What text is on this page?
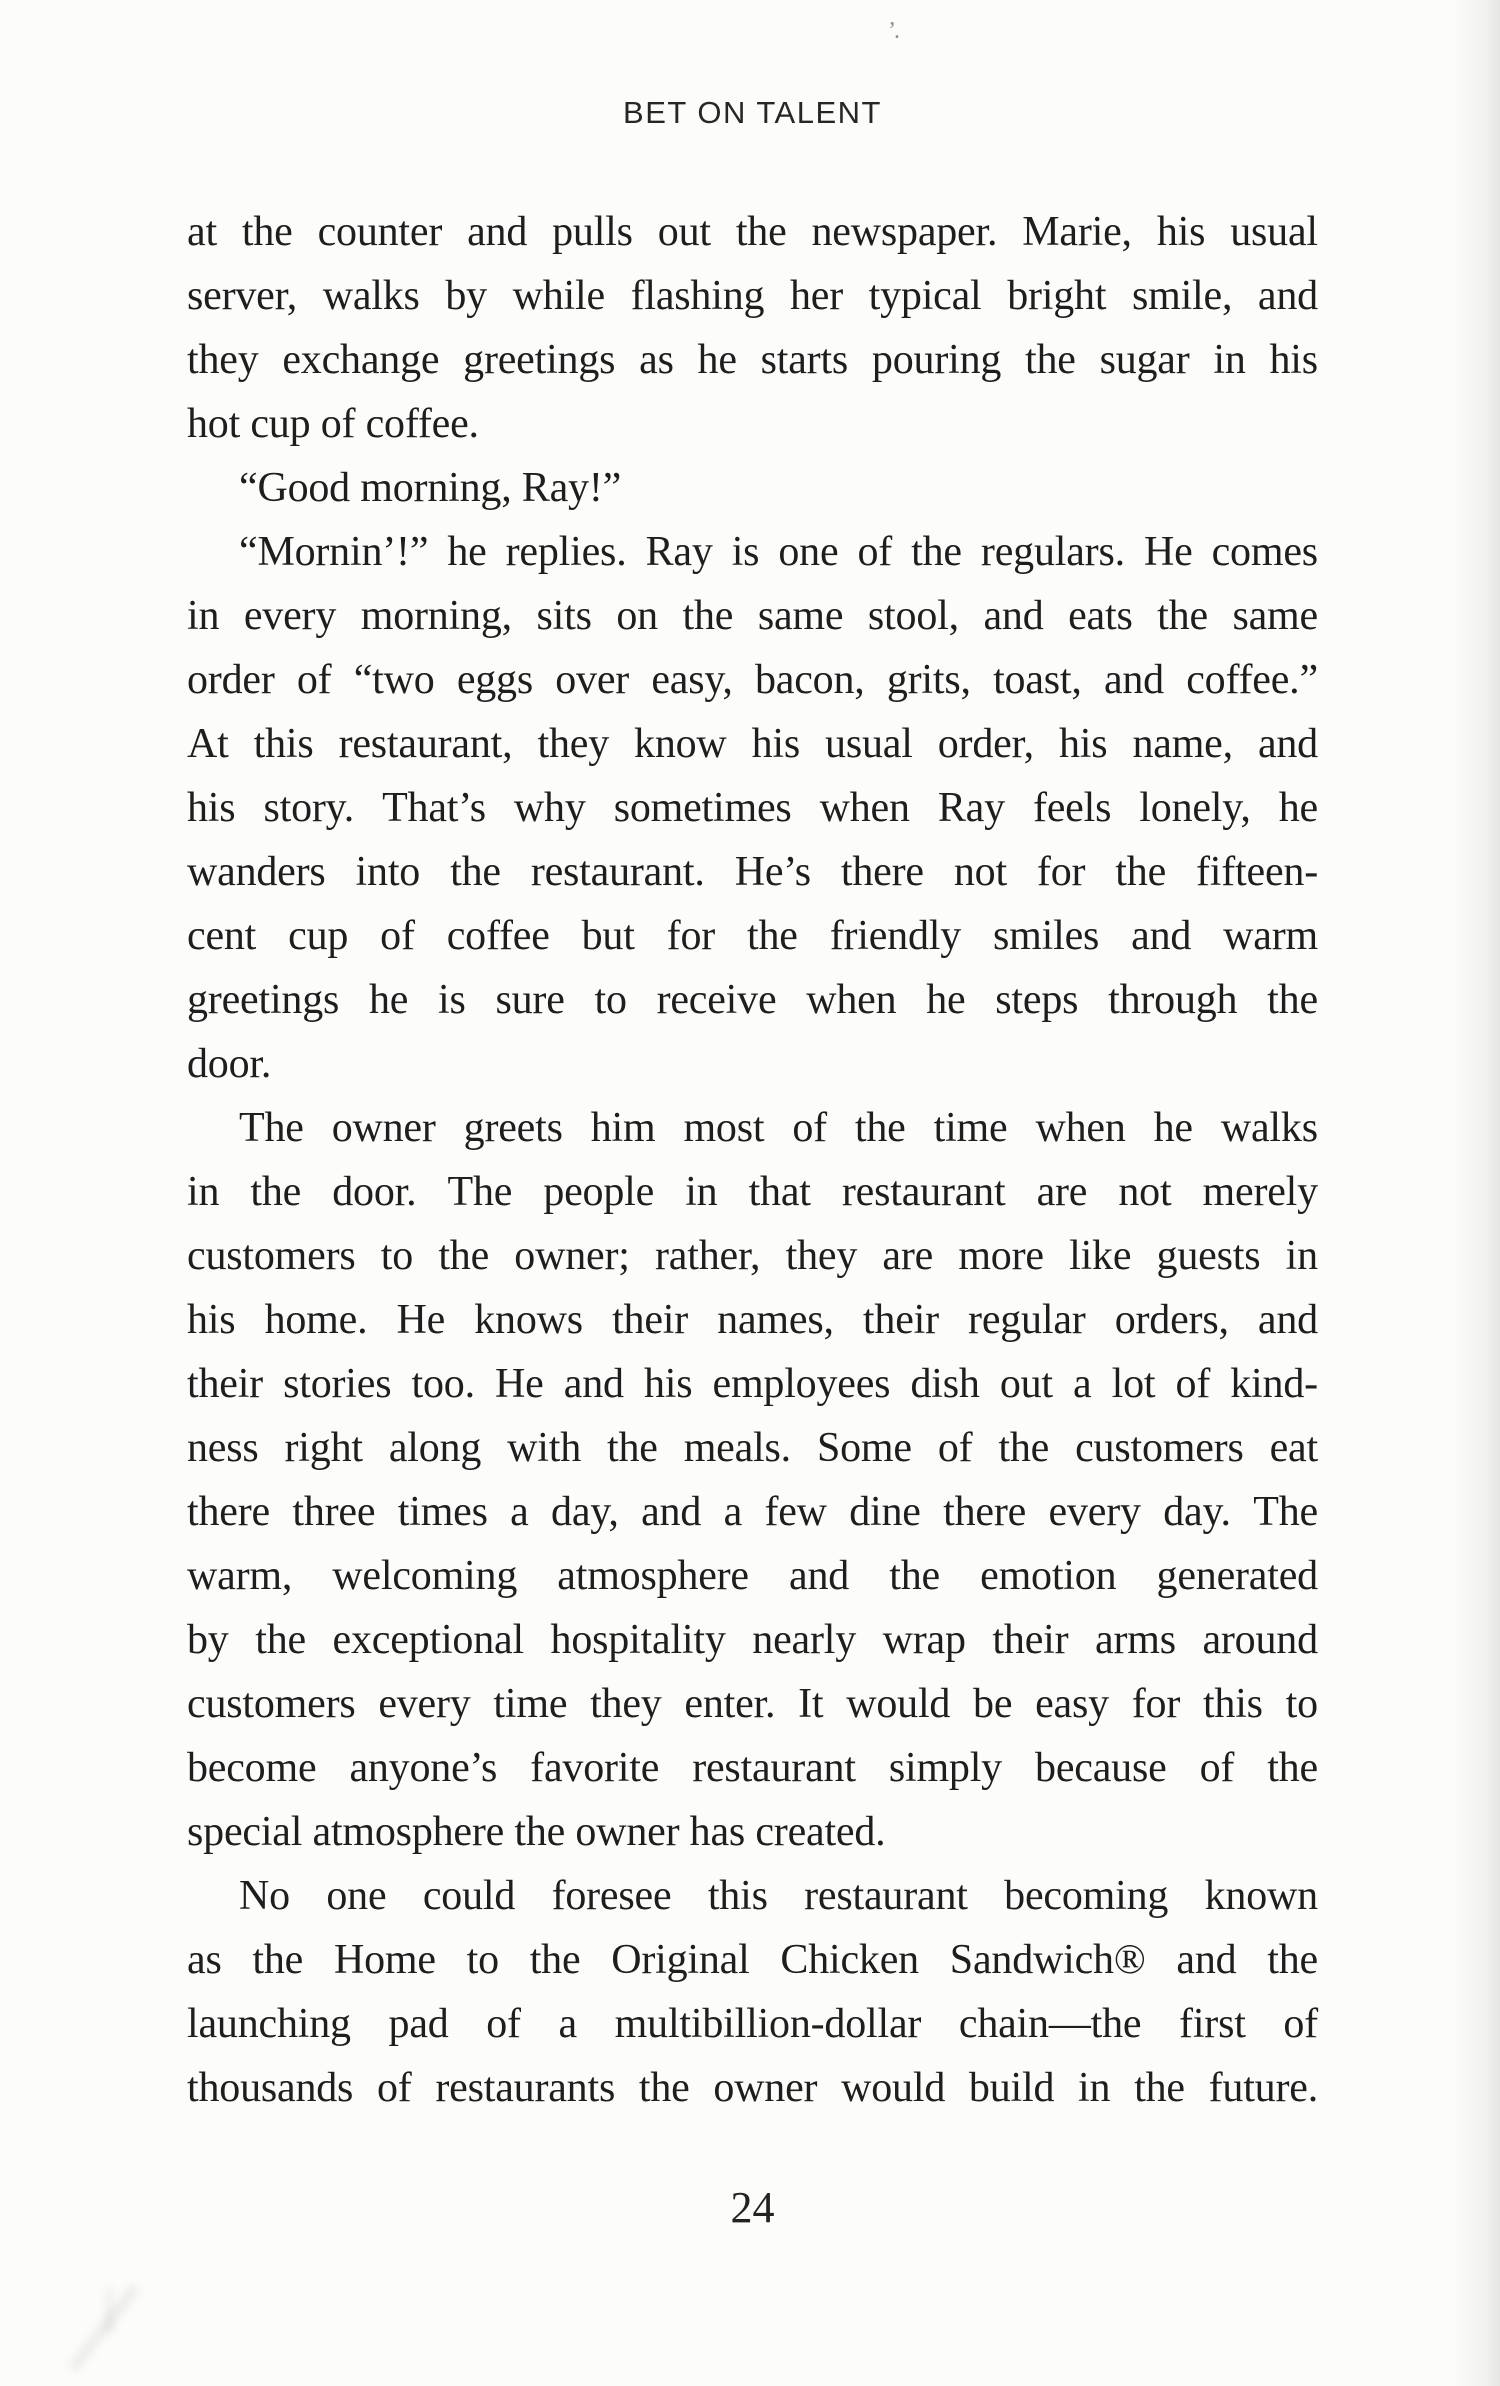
BET ON TALENT
’.
at the counter and pulls out the newspaper. Marie, his usual
server, walks by while flashing her typical bright smile, and
they exchange greetings as he starts pouring the sugar in his
hot cup of coffee.
“Good morning, Ray!”
“Mornin’!” he replies. Ray is one of the regulars. He comes
in every morning, sits on the same stool, and eats the same
order of “two eggs over easy, bacon, grits, toast, and coffee.”
At this restaurant, they know his usual order, his name, and
his story. That’s why sometimes when Ray feels lonely, he
wanders into the restaurant. He’s there not for the fifteen-
cent cup of coffee but for the friendly smiles and warm
greetings he is sure to receive when he steps through the
door.
The owner greets him most of the time when he walks
in the door. The people in that restaurant are not merely
customers to the owner; rather, they are more like guests in
his home. He knows their names, their regular orders, and
their stories too. He and his employees dish out a lot of kind-
ness right along with the meals. Some of the customers eat
there three times a day, and a few dine there every day. The
warm, welcoming atmosphere and the emotion generated
by the exceptional hospitality nearly wrap their arms around
customers every time they enter. It would be easy for this to
become anyone’s favorite restaurant simply because of the
special atmosphere the owner has created.
No one could foresee this restaurant becoming known
as the Home to the Original Chicken Sandwich® and the
launching pad of a multibillion-dollar chain—the first of
thousands of restaurants the owner would build in the future.
24
